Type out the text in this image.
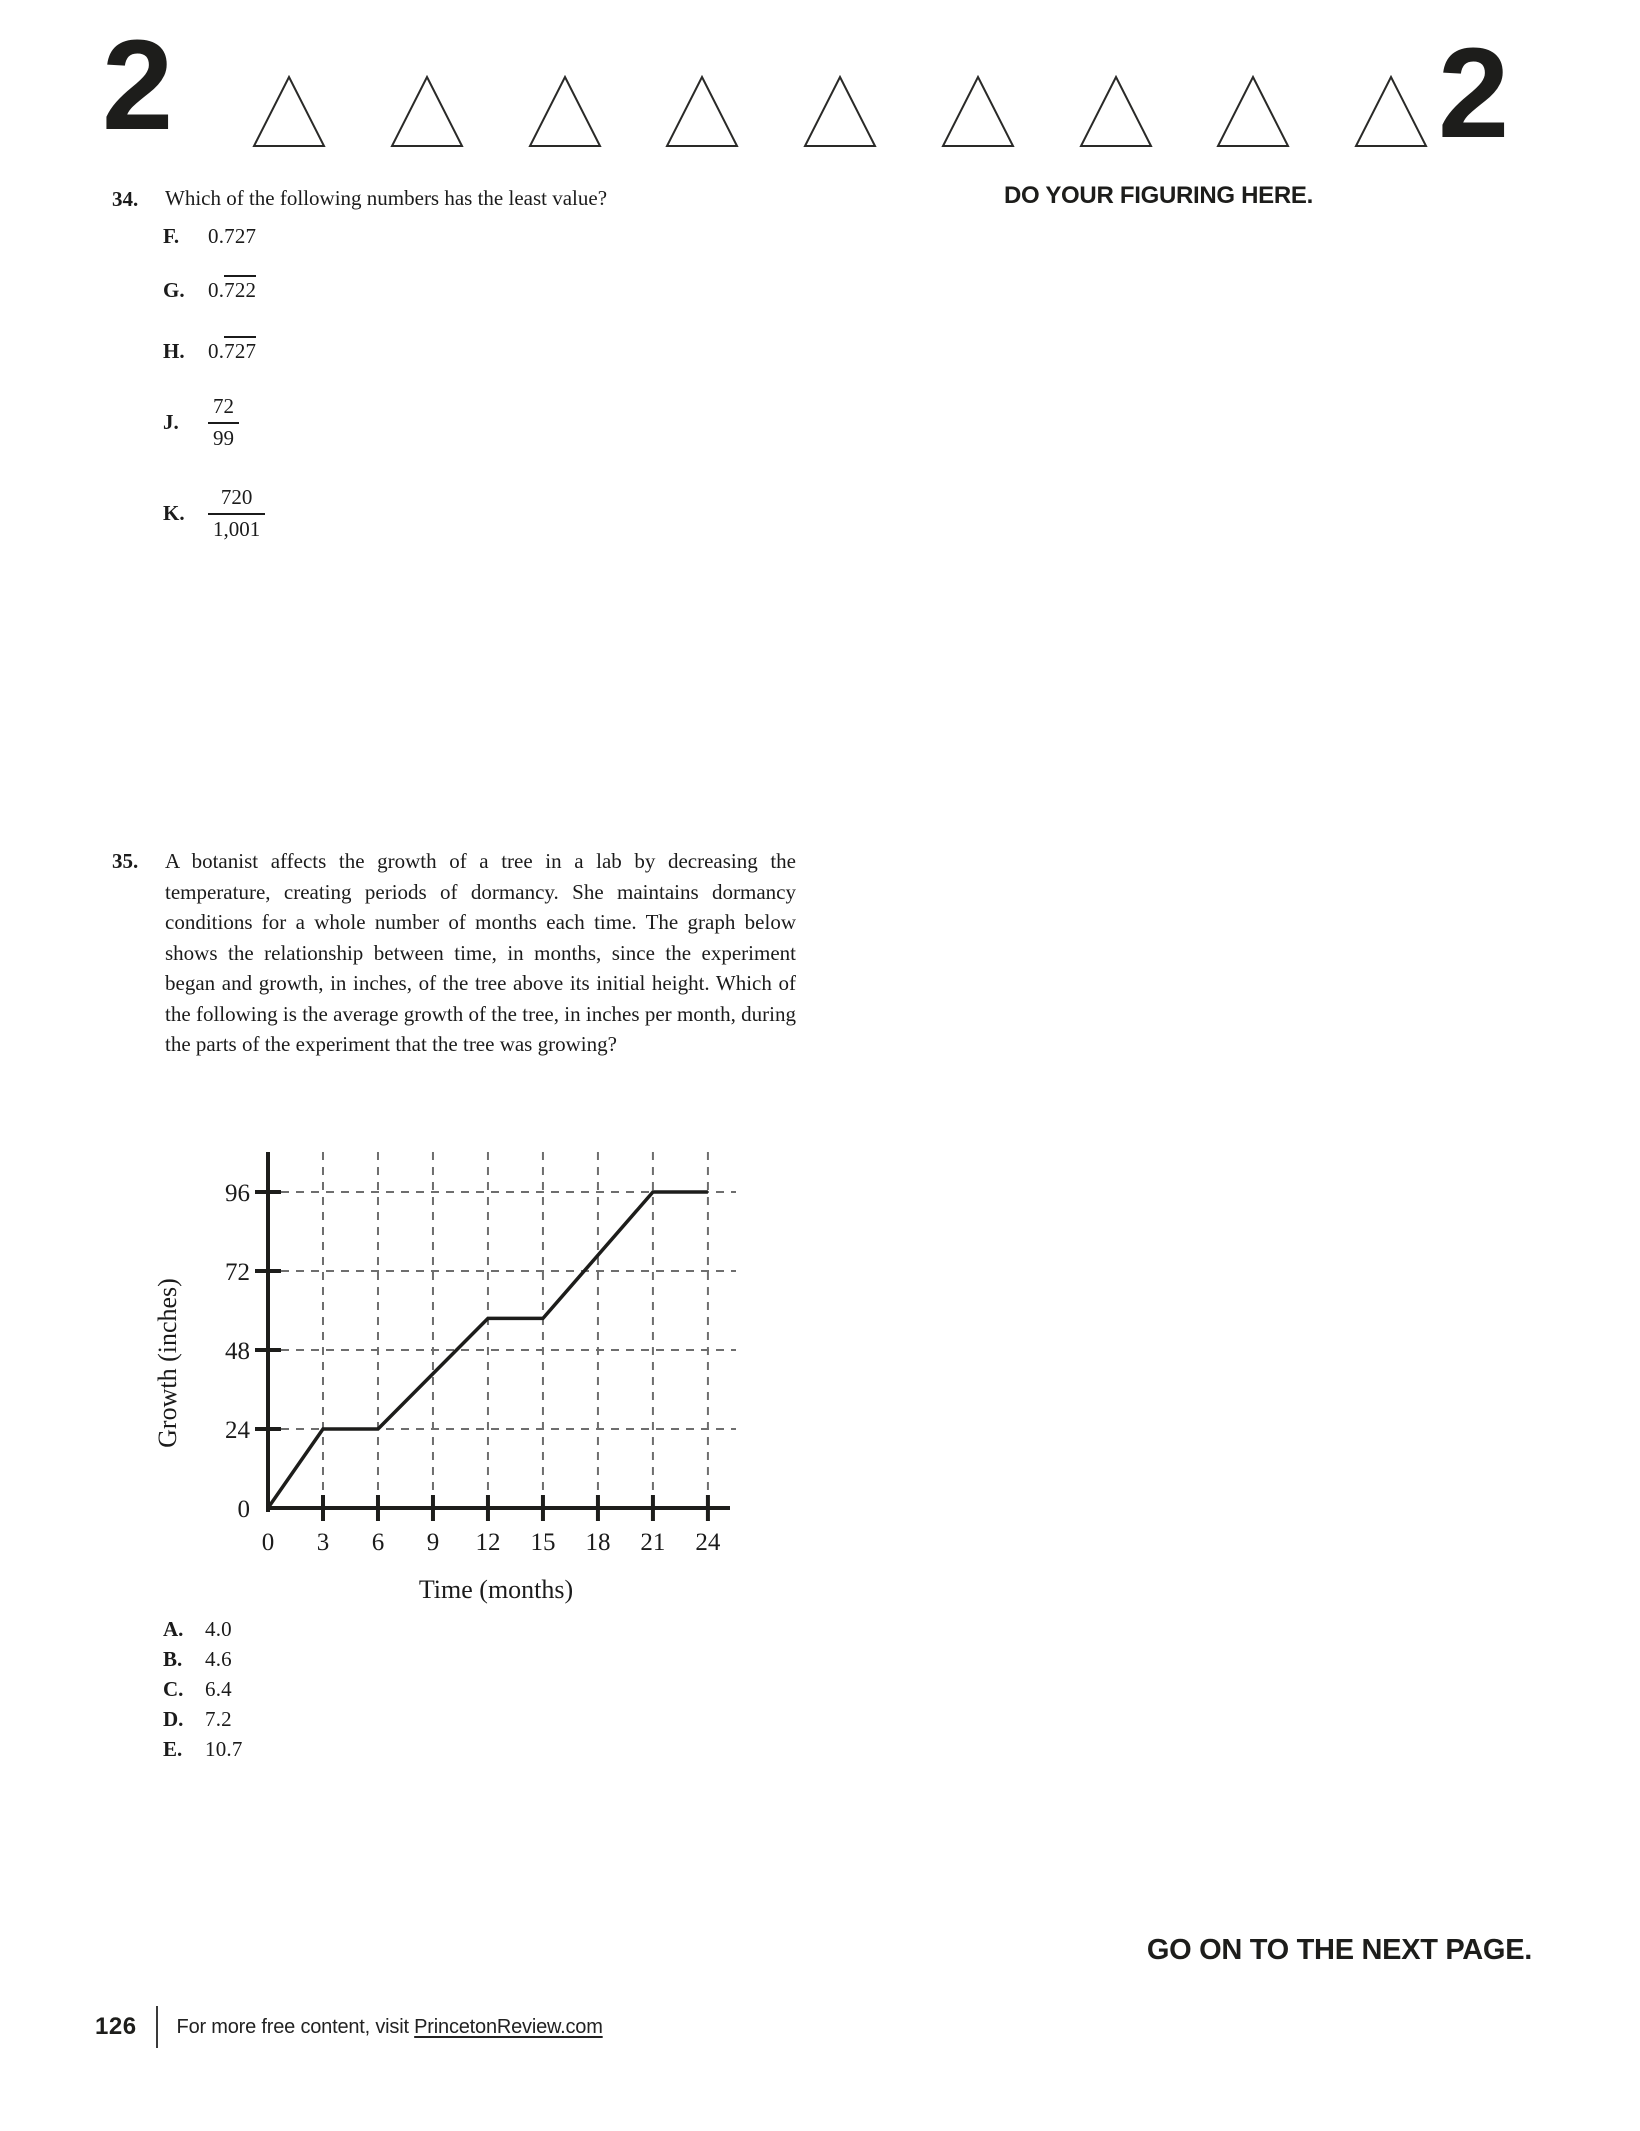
2	2
DO YOUR FIGURING HERE.
34.	Which of the following numbers has the least value?
F.	0.727
G.	0.722
H.	0.727
J.	$\frac{72}{99}$
K.	$\frac{720}{1,001}$
35.	A botanist affects the growth of a tree in a lab by decreasing the temperature, creating periods of dormancy. She maintains dormancy conditions for a whole number of months each time. The graph below shows the relationship between time, in months, since the experiment began and growth, in inches, of the tree above its initial height. Which of the following is the average growth of the tree, in inches per month, during the parts of the experiment that the tree was growing?
0 3 6 9 12 15 18 21 24
0
24
48
72
96
Growth (inches)
Time (months)
A.	4.0
B.	4.6
C.	6.4
D.	7.2
E.	10.7
GO ON TO THE NEXT PAGE.
126 For more free content, visit PrincetonReview.com
